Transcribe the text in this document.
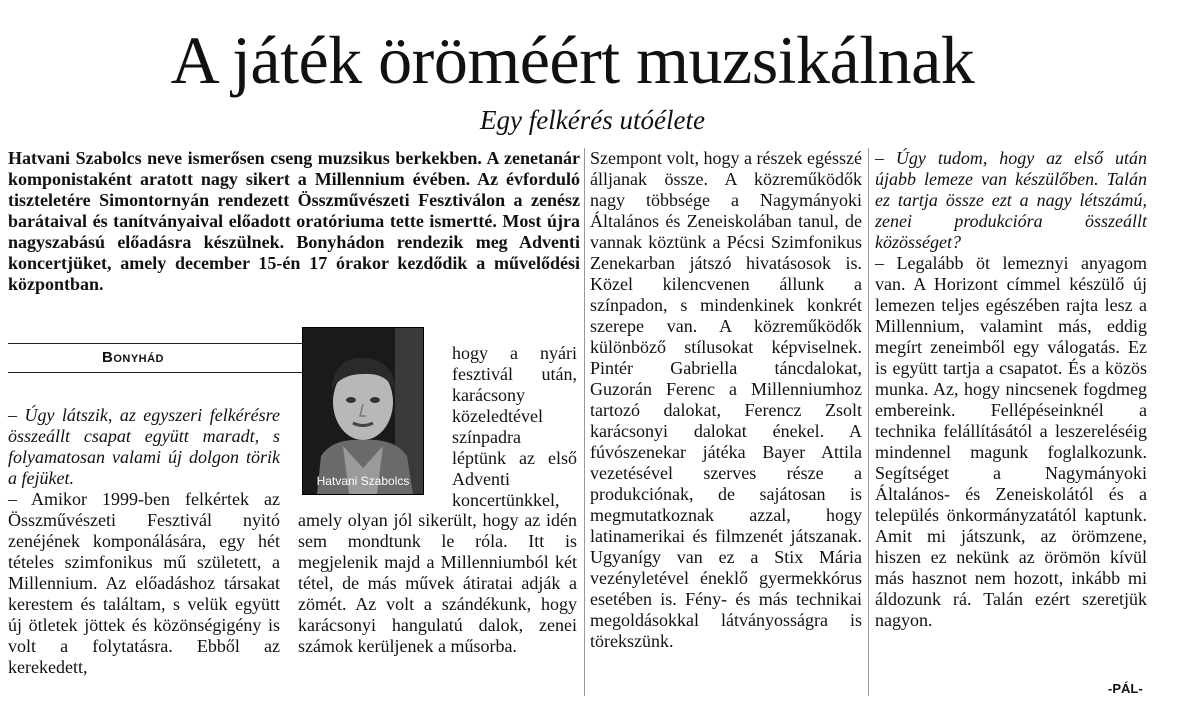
A játék öröméért muzsikálnak
Egy felkérés utóélete
Hatvani Szabolcs neve ismerősen cseng muzsikus berkekben. A zenetanár komponistaként aratott nagy sikert a Millennium évében. Az évforduló tiszteletére Simontornyán rendezett Összművészeti Fesztiválon a zenész barátaival és tanítványaival előadott oratóriuma tette ismertté. Most újra nagyszabású előadásra készülnek. Bonyhádon rendezik meg Adventi koncertjüket, amely december 15-én 17 órakor kezdődik a művelődési központban.
Bonyhád

– Úgy látszik, az egyszeri felkérésre összeállt csapat együtt maradt, s folyamatosan valami új dolgon törik a fejüket.

– Amikor 1999-ben felkértek az Összművészeti Fesztivál nyitó zenéjének komponálására, egy hét tételes szimfonikus mű született, a Millennium. Az előadáshoz társakat kerestem és találtam, s velük együtt új ötletek jöttek és közönségigény is volt a folytatásra. Ebből az kerekedett,

Hatvani Szabolcs

hogy a nyári fesztivál után, karácsony közeledtével színpadra léptünk az első Adventi koncertünkkel,

amely olyan jól sikerült, hogy az idén sem mondtunk le róla. Itt is megjelenik majd a Millenniumból két tétel, de más művek átiratai adják a zömét. Az volt a szándékunk, hogy karácsonyi hangulatú dalok, zenei számok kerüljenek a műsorba.

Szempont volt, hogy a részek egésszé álljanak össze. A közreműködők nagy többsége a Nagymányoki Általános és Zeneiskolában tanul, de vannak köztünk a Pécsi Szimfonikus Zenekarban játszó hivatásosok is. Közel kilencvenen állunk a színpadon, s mindenkinek konkrét szerepe van. A közreműködők különböző stílusokat képviselnek. Pintér Gabriella táncdalokat, Guzorán Ferenc a Millenniumhoz tartozó dalokat, Ferencz Zsolt karácsonyi dalokat énekel. A fúvószenekar játéka Bayer Attila vezetésével szerves része a produkciónak, de sajátosan is megmutatkoznak azzal, hogy latinamerikai és filmzenét játszanak. Ugyanígy van ez a Stix Mária vezényletével éneklő gyermekkórus esetében is. Fény- és más technikai megoldásokkal látványosságra is törekszünk.

– Úgy tudom, hogy az első után újabb lemeze van készülőben. Talán ez tartja össze ezt a nagy létszámú, zenei produkcióra összeállt közösséget?

– Legalább öt lemeznyi anyagom van. A Horizont címmel készülő új lemezen teljes egészében rajta lesz a Millennium, valamint más, eddig megírt zeneimből egy válogatás. Ez is együtt tartja a csapatot. És a közös munka. Az, hogy nincsenek fogdmeg embereink. Fellépéseinknél a technika felállításától a leszereléséig mindennel magunk foglalkozunk. Segítséget a Nagymányoki Általános- és Zeneiskolától és a település önkormányzatától kaptunk. Amit mi játszunk, az örömzene, hiszen ez nekünk az örömön kívül más hasznot nem hozott, inkább mi áldozunk rá. Talán ezért szeretjük nagyon.

-PÁL-
